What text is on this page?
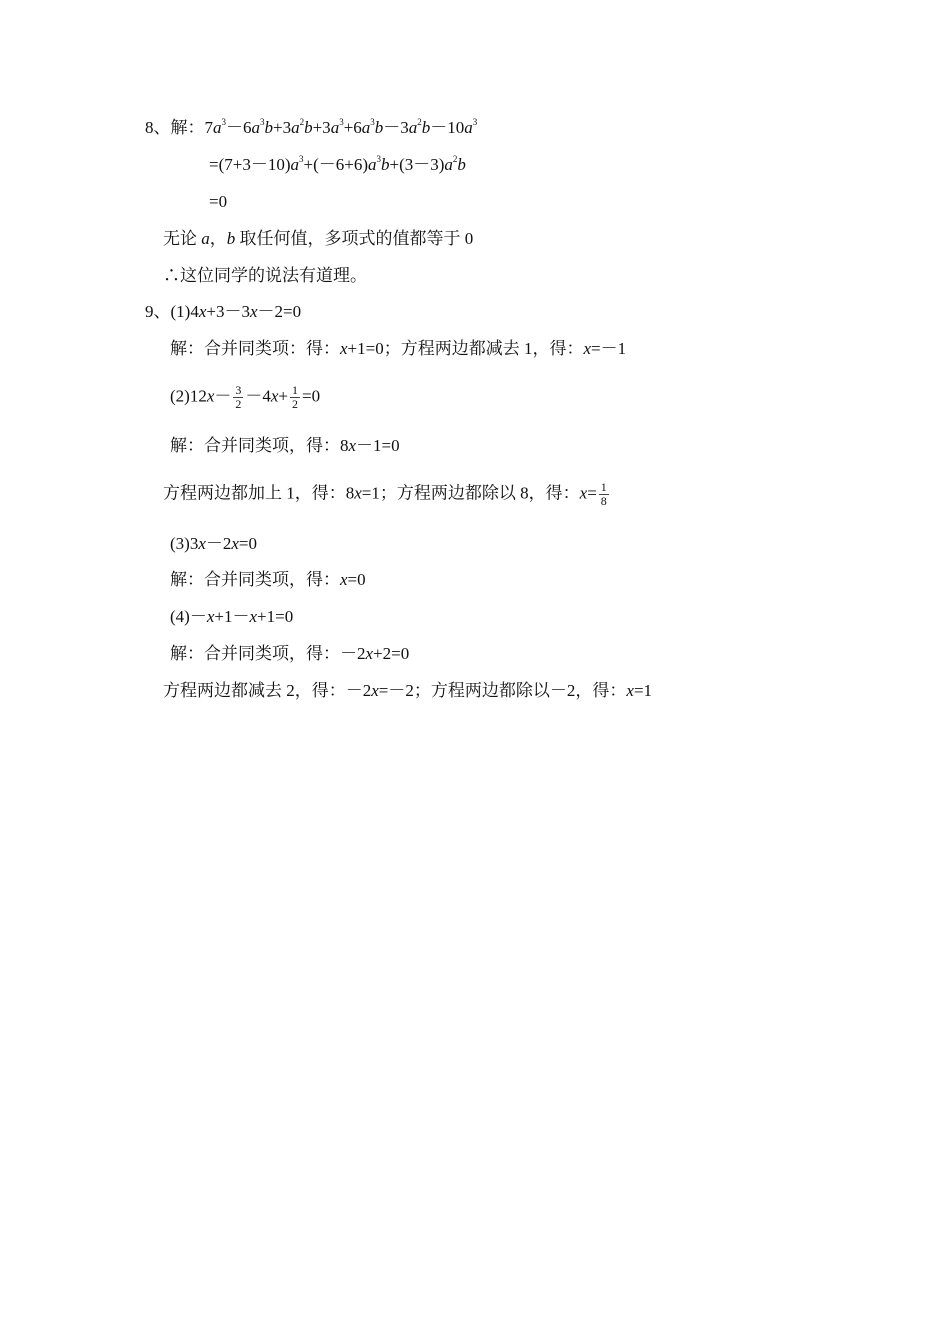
8、解：$7a^3-6a^3b+3a^2b+3a^3+6a^3b-3a^2b-10a^3$
$=(7+3-10)a^3+(-6+6)a^3b+(3-3)a^2b$
=0
无论 a，b 取任何值，多项式的值都等于 0
∴这位同学的说法有道理。
9、(1)4x+3－3x－2=0
解：合并同类项：得：x+1=0；方程两边都减去 1，得：x=－1
$(2)12x- \frac{3}{2} -4x+ \frac{1}{2} =0$
解：合并同类项，得：8x－1=0
方程两边都加上 1，得：8x=1；方程两边都除以 8，得：$x= \frac{1}{8}$
(3)3x－2x=0
解：合并同类项，得：x=0
(4)－x+1－x+1=0
解：合并同类项，得：－2x+2=0
方程两边都减去 2，得：－2x=－2；方程两边都除以－2，得：x=1
